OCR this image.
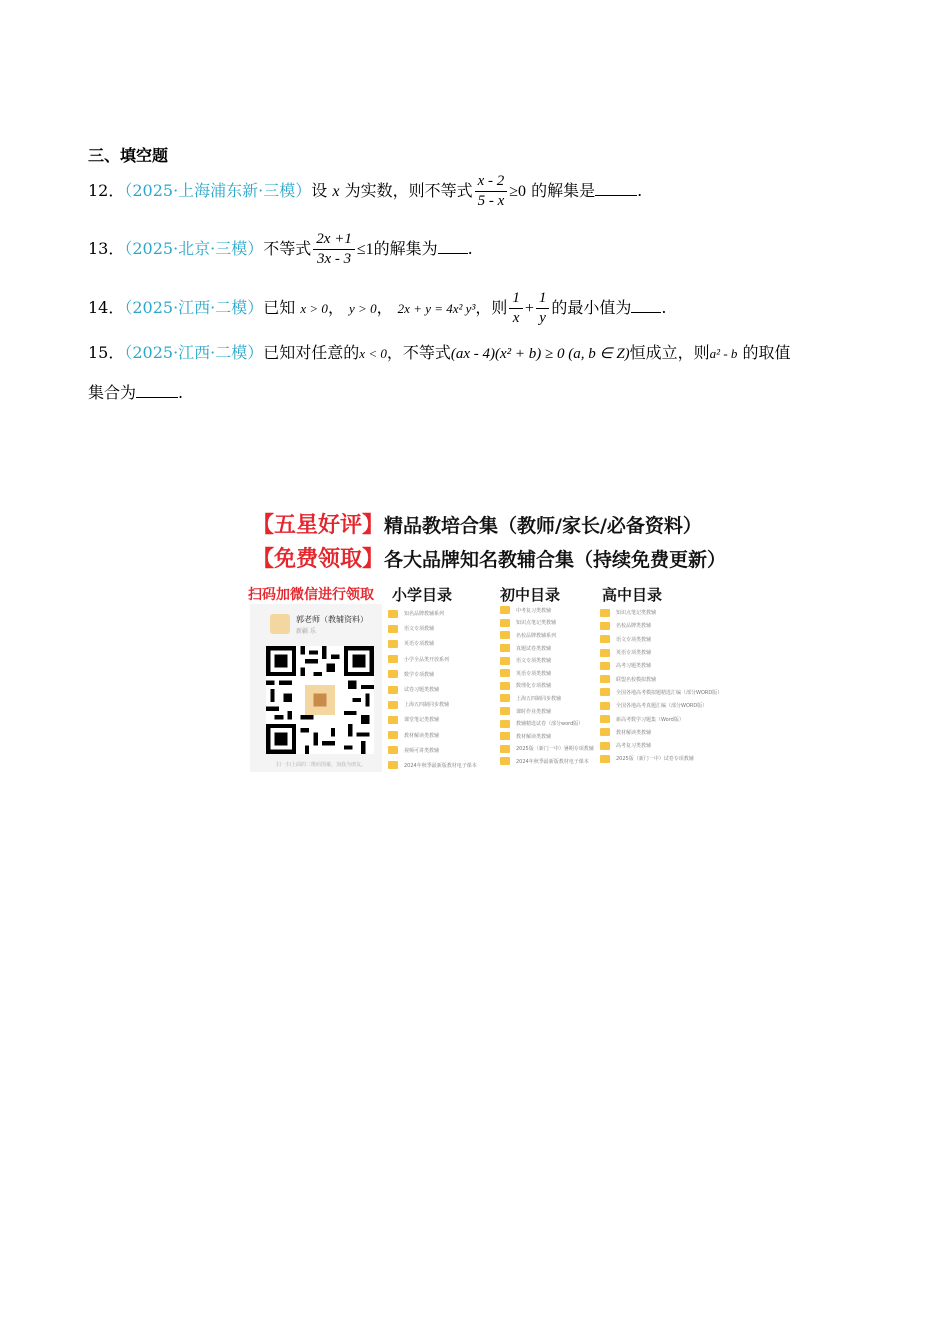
三、填空题
12．（2025·上海浦东新·三模）设 x 为实数，则不等式 $\frac{x - 2}{5 - x} \ge 0$ 的解集是	.
13．（2025·北京·三模）不等式 $\frac{2x +1}{3x - 3} \le 1$的解集为 .
14．（2025·江西·二模）已知 x > 0， y > 0， 2x + y = 4x² y³，则 $\frac{1}{x} + \frac{1}{y}$ 的最小值为 .
15．（2025·江西·二模）已知对任意的x < 0，不等式(ax - 4)(x² + b) ≥ 0 (a, b ∈ Z)恒成立，则a² - b 的取值
集合为	.
【五星好评】精品教培合集（教师/家长/必备资料）
【免费领取】各大品牌知名教辅合集（持续免费更新）
扫码加微信进行领取
郭老师（教辅资料）
新疆 乐
扫一扫上面的二维码图案，加我为朋友。
小学目录	初中目录	高中目录
知名品牌教辅系列
语文专项教辅
英语专项教辅
小学全品类开放系列
数学专项教辅
试卷习题类教辅
上海五四制同步教辅
课堂笔记类教辅
教材解读类教辅
视频可讲类教辅
2024年秋季最新版教材电子课本
中考复习类教辅
知识点笔记类教辅
名校品牌教辅系列
真题试卷类教辅
语文专项类教辅
英语专项类教辅
数理化专项教辅
上海五四制同步教辅
课时作业类教辅
教辅精选试卷（部分word版）
教材解读类教辅
2025版（新门一中）暑期专项教辅
2024年秋季最新版教材电子课本
知识点笔记类教辅
名校品牌类教辅
语文专项类教辅
英语专项类教辅
高考习题类教辅
联盟名校模拟教辅
全国各地高考模拟题精选汇编（部分WORD版）
全国各地高考真题汇编（部分WORD版）
新高考数学习题集（Word版）
教材解读类教辅
高考复习类教辅
2025版（新门一中）试卷专项教辅
